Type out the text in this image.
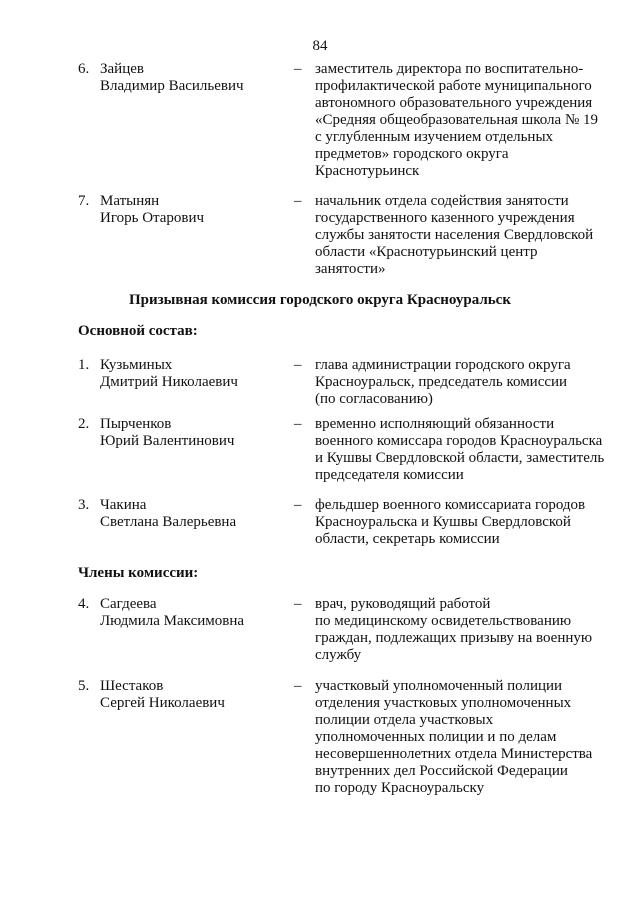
84
6. Зайцев
Владимир Васильевич
– заместитель директора по воспитательно-
профилактической работе муниципального
автономного образовательного учреждения
«Средняя общеобразовательная школа № 19
с углубленным изучением отдельных
предметов» городского округа
Краснотурьинск
7. Матынян
Игорь Отарович
– начальник отдела содействия занятости
государственного казенного учреждения
службы занятости населения Свердловской
области «Краснотурьинский центр
занятости»
Призывная комиссия городского округа Красноуральск
Основной состав:
1. Кузьминых
Дмитрий Николаевич
– глава администрации городского округа
Красноуральск, председатель комиссии
(по согласованию)
2. Пырченков
Юрий Валентинович
– временно исполняющий обязанности
военного комиссара городов Красноуральска
и Кушвы Свердловской области, заместитель
председателя комиссии
3. Чакина
Светлана Валерьевна
– фельдшер военного комиссариата городов
Красноуральска и Кушвы Свердловской
области, секретарь комиссии
Члены комиссии:
4. Сагдеева
Людмила Максимовна
– врач, руководящий работой
по медицинскому освидетельствованию
граждан, подлежащих призыву на военную
службу
5. Шестаков
Сергей Николаевич
– участковый уполномоченный полиции
отделения участковых уполномоченных
полиции отдела участковых
уполномоченных полиции и по делам
несовершеннолетних отдела Министерства
внутренних дел Российской Федерации
по городу Красноуральску
